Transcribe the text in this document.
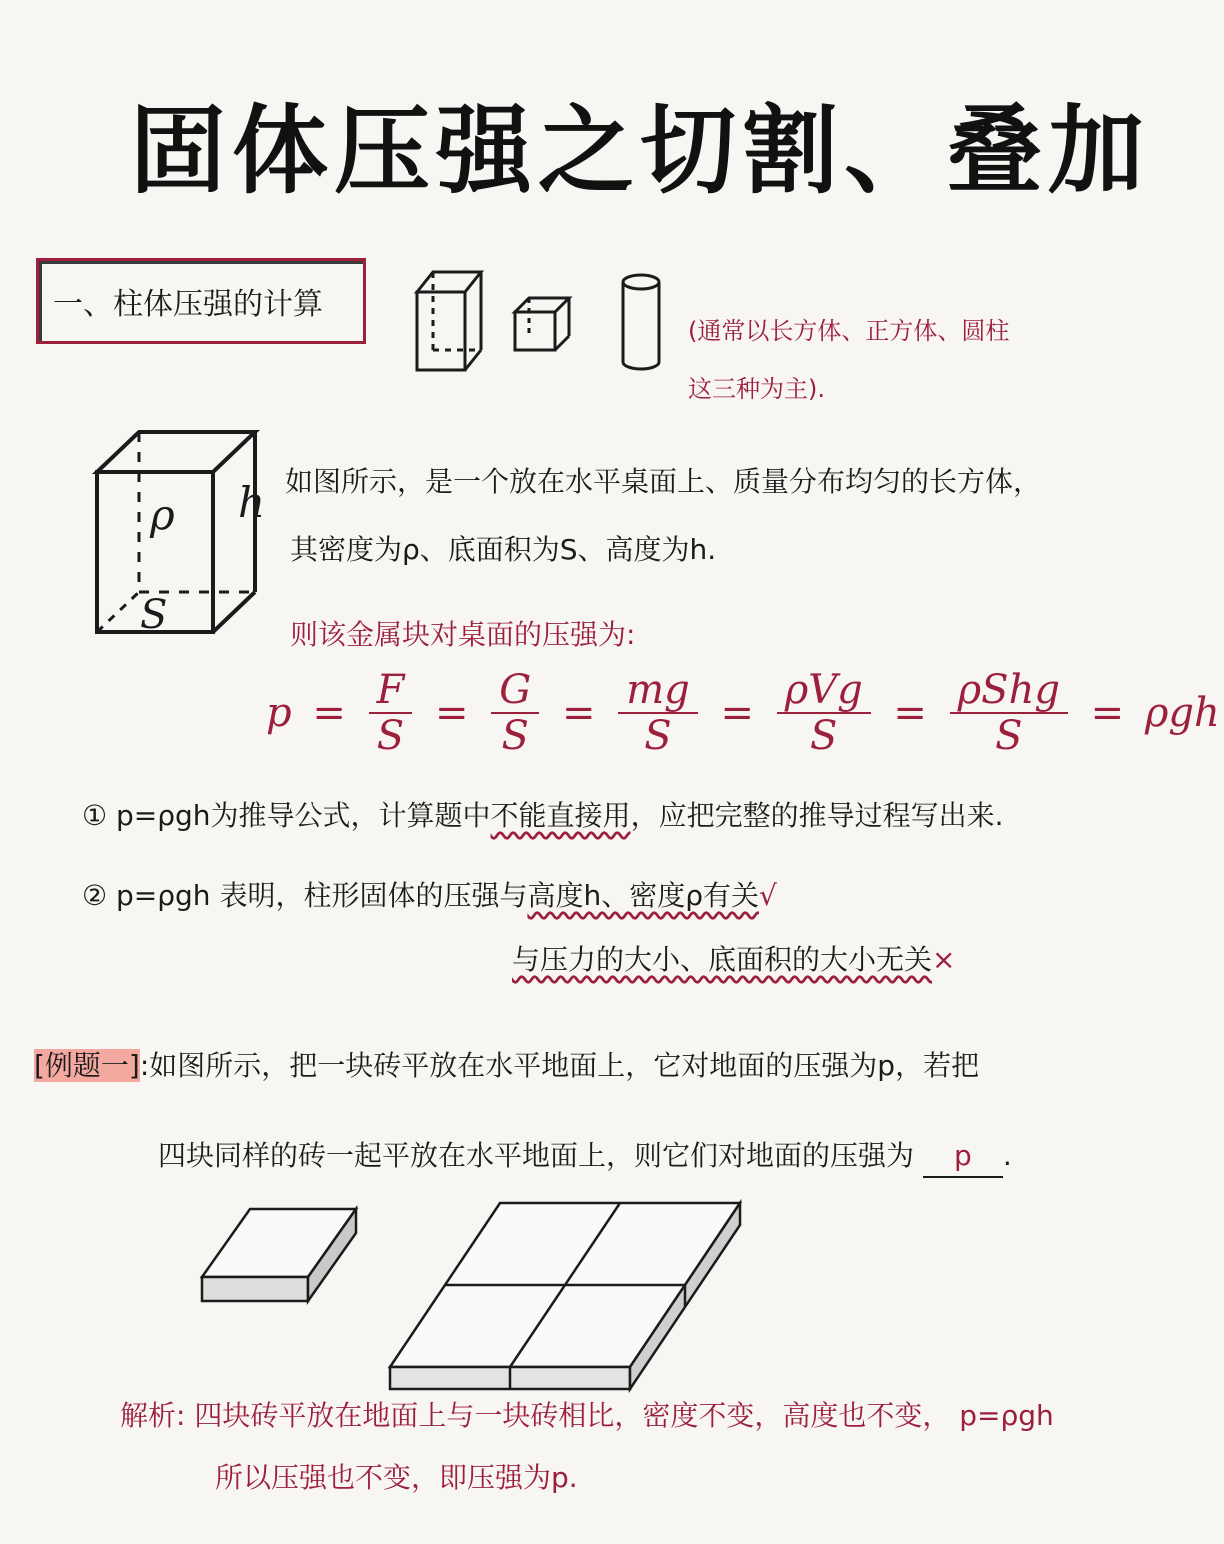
固体压强之切割、叠加
一、柱体压强的计算
(通常以长方体、正方体、圆柱这三种为主).
ρ h
S
如图所示，是一个放在水平桌面上、质量分布均匀的长方体，
其密度为ρ、底面积为S、高度为h.
则该金属块对桌面的压强为:
$p = \frac{F}{S} = \frac{G}{S} = \frac{mg}{S} = \frac{\text{ρVg}}{S} = \frac{\text{ρShg}}{S} = \rho gh$
① p=ρgh为推导公式，计算题中不能直接用，应把完整的推导过程写出来.
② p=ρgh 表明，柱形固体的压强与高度h、密度ρ有关√
与压力的大小、底面积的大小无关×
[例题一]:如图所示，把一块砖平放在水平地面上，它对地面的压强为p，若把
四块同样的砖一起平放在水平地面上，则它们对地面的压强为 p .
解析: 四块砖平放在地面上与一块砖相比，密度不变，高度也不变， p=ρgh
所以压强也不变，即压强为p.
